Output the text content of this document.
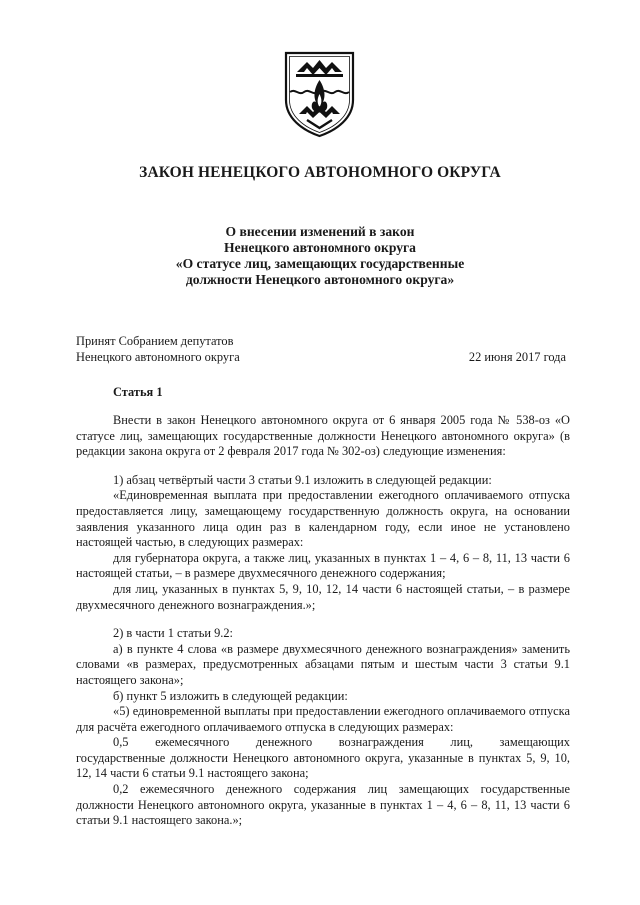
ЗАКОН НЕНЕЦКОГО АВТОНОМНОГО ОКРУГА
О внесении изменений в закон
Ненецкого автономного округа
«О статусе лиц, замещающих государственные
должности Ненецкого автономного округа»
Принят Собранием депутатов
Ненецкого автономного округа	22 июня 2017 года
Статья 1

Внести в закон Ненецкого автономного округа от 6 января 2005 года № 538-оз «О статусе лиц, замещающих государственные должности Ненецкого автономного округа» (в редакции закона округа от 2 февраля 2017 года № 302-оз) следующие изменения:

1) абзац четвёртый части 3 статьи 9.1 изложить в следующей редакции:

«Единовременная выплата при предоставлении ежегодного оплачиваемого отпуска предоставляется лицу, замещающему государственную должность округа, на основании заявления указанного лица один раз в календарном году, если иное не установлено настоящей частью, в следующих размерах:

для губернатора округа, а также лиц, указанных в пунктах 1 – 4, 6 – 8, 11, 13 части 6 настоящей статьи, – в размере двухмесячного денежного содержания;

для лиц, указанных в пунктах 5, 9, 10, 12, 14 части 6 настоящей статьи, – в размере двухмесячного денежного вознаграждения.»;

2) в части 1 статьи 9.2:

а) в пункте 4 слова «в размере двухмесячного денежного вознаграждения» заменить словами «в размерах, предусмотренных абзацами пятым и шестым части 3 статьи 9.1 настоящего закона»;

б) пункт 5 изложить в следующей редакции:

«5) единовременной выплаты при предоставлении ежегодного оплачиваемого отпуска для расчёта ежегодного оплачиваемого отпуска в следующих размерах:

0,5 ежемесячного денежного вознаграждения лиц, замещающих

государственные должности Ненецкого автономного округа, указанные в пунктах 5, 9, 10, 12, 14 части 6 статьи 9.1 настоящего закона;

0,2 ежемесячного денежного содержания лиц замещающих государственные должности Ненецкого автономного округа, указанные в пунктах 1 – 4, 6 – 8, 11, 13 части 6 статьи 9.1 настоящего закона.»;
